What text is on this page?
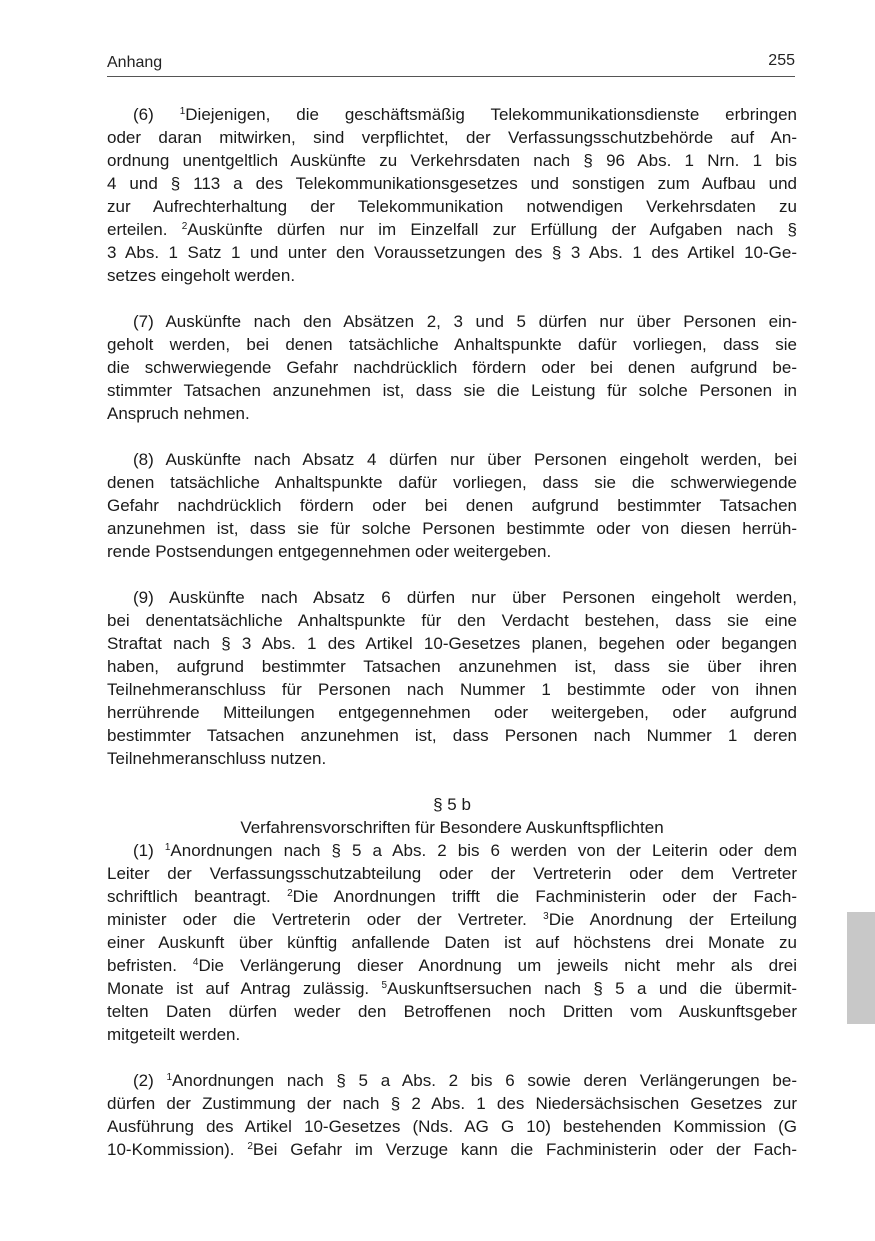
Anhang	255
(6) $^1$Diejenigen, die geschäftsmäßig Telekommunikationsdienste erbringen
oder daran mitwirken, sind verpflichtet, der Verfassungsschutzbehörde auf An-
ordnung unentgeltlich Auskünfte zu Verkehrsdaten nach § 96 Abs. 1 Nrn. 1 bis
4 und § 113 a des Telekommunikationsgesetzes und sonstigen zum Aufbau und
zur Aufrechterhaltung der Telekommunikation notwendigen Verkehrsdaten zu
erteilen. $^2$Auskünfte dürfen nur im Einzelfall zur Erfüllung der Aufgaben nach §
3 Abs. 1 Satz 1 und unter den Voraussetzungen des § 3 Abs. 1 des Artikel 10-Ge-
setzes eingeholt werden.
(7) Auskünfte nach den Absätzen 2, 3 und 5 dürfen nur über Personen ein-
geholt werden, bei denen tatsächliche Anhaltspunkte dafür vorliegen, dass sie
die schwerwiegende Gefahr nachdrücklich fördern oder bei denen aufgrund be-
stimmter Tatsachen anzunehmen ist, dass sie die Leistung für solche Personen in
Anspruch nehmen.
(8) Auskünfte nach Absatz 4 dürfen nur über Personen eingeholt werden, bei
denen tatsächliche Anhaltspunkte dafür vorliegen, dass sie die schwerwiegende
Gefahr nachdrücklich fördern oder bei denen aufgrund bestimmter Tatsachen
anzunehmen ist, dass sie für solche Personen bestimmte oder von diesen herrüh-
rende Postsendungen entgegennehmen oder weitergeben.
(9) Auskünfte nach Absatz 6 dürfen nur über Personen eingeholt werden,
bei denentatsächliche Anhaltspunkte für den Verdacht bestehen, dass sie eine
Straftat nach § 3 Abs. 1 des Artikel 10-Gesetzes planen, begehen oder begangen
haben, aufgrund bestimmter Tatsachen anzunehmen ist, dass sie über ihren
Teilnehmeranschluss für Personen nach Nummer 1 bestimmte oder von ihnen
herrührende Mitteilungen entgegennehmen oder weitergeben, oder aufgrund
bestimmter Tatsachen anzunehmen ist, dass Personen nach Nummer 1 deren
Teilnehmeranschluss nutzen.
§ 5 b
Verfahrensvorschriften für Besondere Auskunftspflichten
(1) $^1$Anordnungen nach § 5 a Abs. 2 bis 6 werden von der Leiterin oder dem
Leiter der Verfassungsschutzabteilung oder der Vertreterin oder dem Vertreter
schriftlich beantragt. $^2$Die Anordnungen trifft die Fachministerin oder der Fach-
minister oder die Vertreterin oder der Vertreter. $^3$Die Anordnung der Erteilung
einer Auskunft über künftig anfallende Daten ist auf höchstens drei Monate zu
befristen. $^4$Die Verlängerung dieser Anordnung um jeweils nicht mehr als drei
Monate ist auf Antrag zulässig. $^5$Auskunftsersuchen nach § 5 a und die übermit-
telten Daten dürfen weder den Betroffenen noch Dritten vom Auskunftsgeber
mitgeteilt werden.
(2) $^1$Anordnungen nach § 5 a Abs. 2 bis 6 sowie deren Verlängerungen be-
dürfen der Zustimmung der nach § 2 Abs. 1 des Niedersächsischen Gesetzes zur
Ausführung des Artikel 10-Gesetzes (Nds. AG G 10) bestehenden Kommission (G
10-Kommission). $^2$Bei Gefahr im Verzuge kann die Fachministerin oder der Fach-
